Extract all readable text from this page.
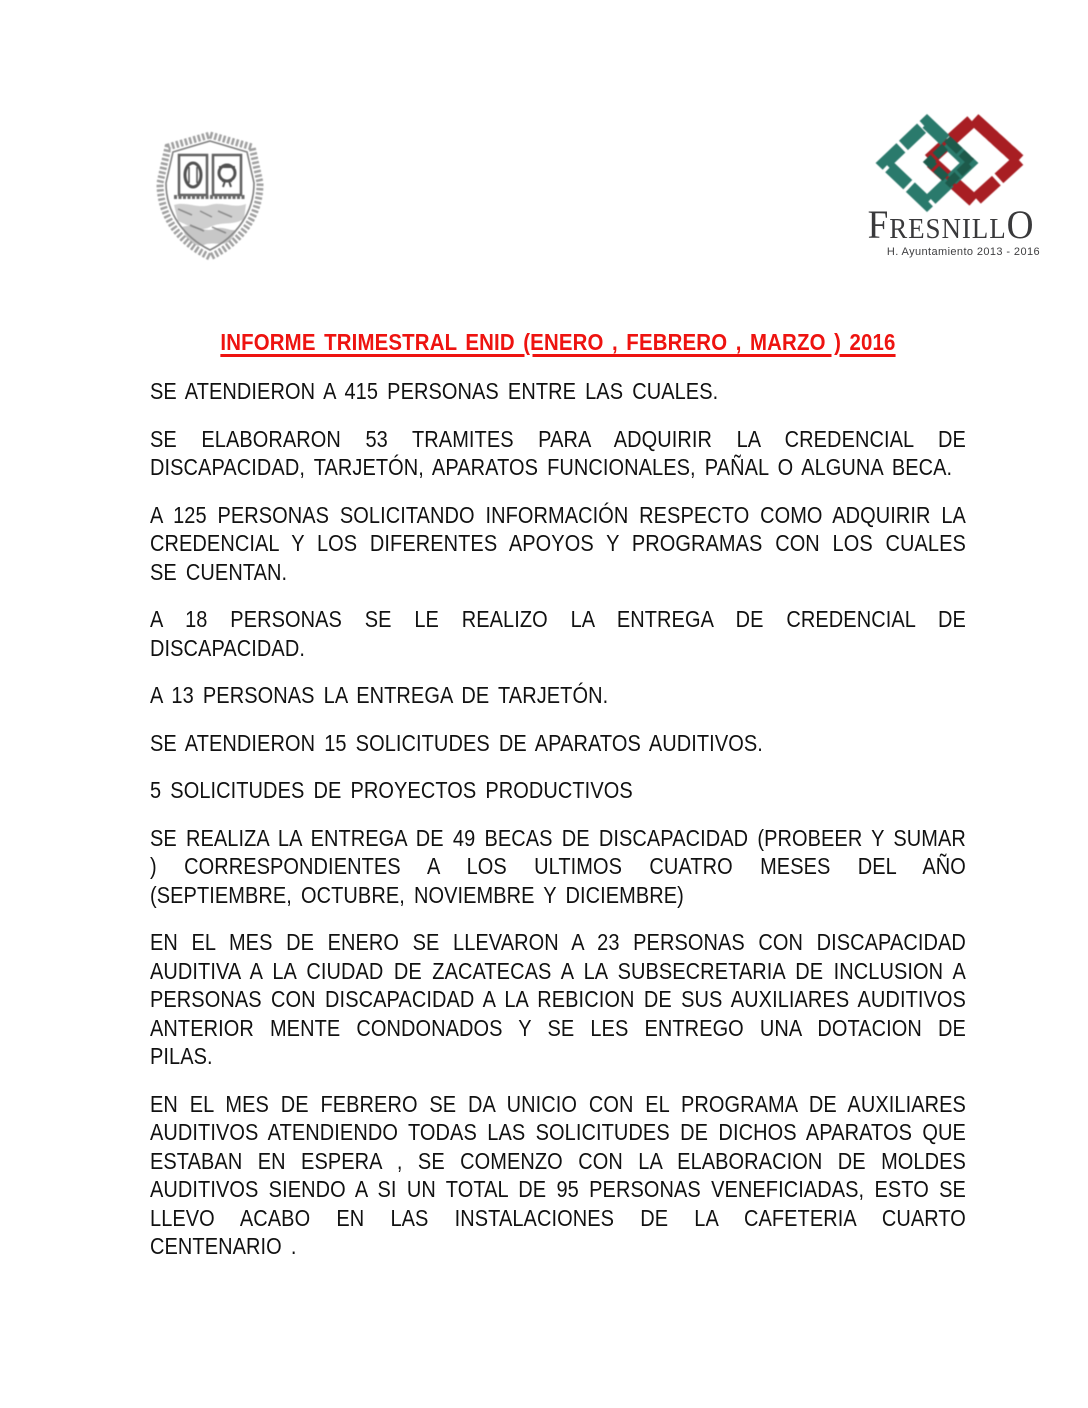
FRESNILLO
H. Ayuntamiento 2013 - 2016
INFORME TRIMESTRAL ENID (ENERO , FEBRERO , MARZO ) 2016

SE ATENDIERON A 415 PERSONAS ENTRE LAS CUALES.

SE ELABORARON 53 TRAMITES PARA ADQUIRIR LA CREDENCIAL DE DISCAPACIDAD, TARJETÓN, APARATOS FUNCIONALES, PAÑAL O ALGUNA BECA.

A 125 PERSONAS SOLICITANDO INFORMACIÓN RESPECTO COMO ADQUIRIR LA CREDENCIAL Y LOS DIFERENTES APOYOS Y PROGRAMAS CON LOS CUALES SE CUENTAN.

A 18 PERSONAS SE LE REALIZO LA ENTREGA DE CREDENCIAL DE DISCAPACIDAD.

A 13 PERSONAS LA ENTREGA DE TARJETÓN.

SE ATENDIERON 15 SOLICITUDES DE APARATOS AUDITIVOS.

5 SOLICITUDES DE PROYECTOS PRODUCTIVOS

SE REALIZA LA ENTREGA DE 49 BECAS DE DISCAPACIDAD (PROBEER Y SUMAR ) CORRESPONDIENTES A LOS ULTIMOS CUATRO MESES DEL AÑO (SEPTIEMBRE, OCTUBRE, NOVIEMBRE Y DICIEMBRE)

EN EL MES DE ENERO SE LLEVARON A 23 PERSONAS CON DISCAPACIDAD AUDITIVA A LA CIUDAD DE ZACATECAS A LA SUBSECRETARIA DE INCLUSION A PERSONAS CON DISCAPACIDAD A LA REBICION DE SUS AUXILIARES AUDITIVOS ANTERIOR MENTE CONDONADOS Y SE LES ENTREGO UNA DOTACION DE PILAS.

EN EL MES DE FEBRERO SE DA UNICIO CON EL PROGRAMA DE AUXILIARES AUDITIVOS ATENDIENDO TODAS LAS SOLICITUDES DE DICHOS APARATOS QUE ESTABAN EN ESPERA , SE COMENZO CON LA ELABORACION DE MOLDES AUDITIVOS SIENDO A SI UN TOTAL DE 95 PERSONAS VENEFICIADAS, ESTO SE LLEVO ACABO EN LAS INSTALACIONES DE LA CAFETERIA CUARTO CENTENARIO .
